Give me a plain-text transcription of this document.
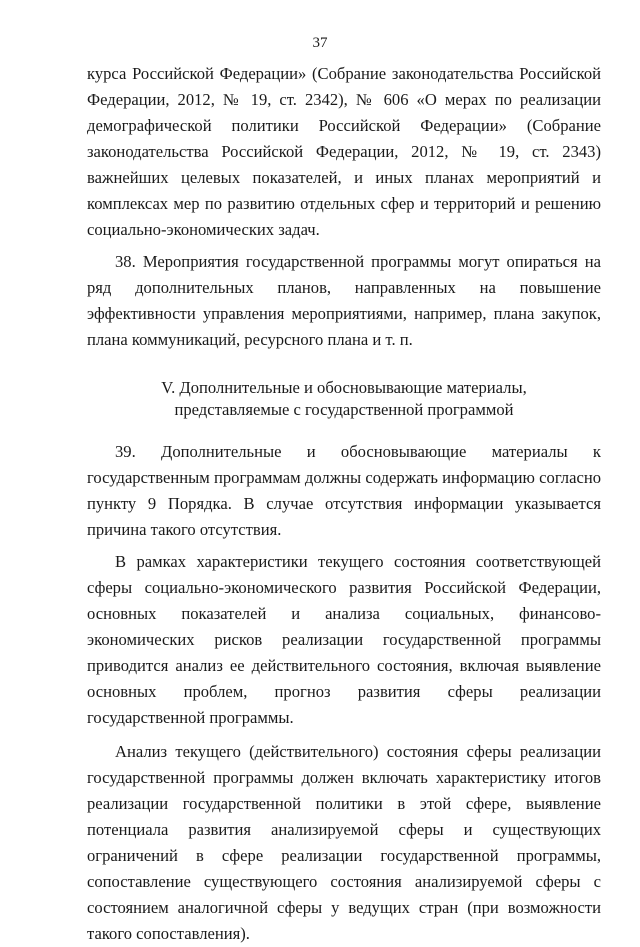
37

курса Российской Федерации» (Собрание законодательства Российской Федерации, 2012, № 19, ст. 2342), № 606 «О мерах по реализации демографической политики Российской Федерации» (Собрание законодательства Российской Федерации, 2012, № 19, ст. 2343) важнейших целевых показателей, и иных планах мероприятий и комплексах мер по развитию отдельных сфер и территорий и решению социально-экономических задач.

38. Мероприятия государственной программы могут опираться на ряд дополнительных планов, направленных на повышение эффективности управления мероприятиями, например, плана закупок, плана коммуникаций, ресурсного плана и т. п.

V. Дополнительные и обосновывающие материалы,
представляемые с государственной программой

39. Дополнительные и обосновывающие материалы к государственным программам должны содержать информацию согласно пункту 9 Порядка. В случае отсутствия информации указывается причина такого отсутствия.

В рамках характеристики текущего состояния соответствующей сферы социально-экономического развития Российской Федерации, основных показателей и анализа социальных, финансово-экономических рисков реализации государственной программы приводится анализ ее действительного состояния, включая выявление основных проблем, прогноз развития сферы реализации государственной программы.

Анализ текущего (действительного) состояния сферы реализации государственной программы должен включать характеристику итогов реализации государственной политики в этой сфере, выявление потенциала развития анализируемой сферы и существующих ограничений в сфере реализации государственной программы, сопоставление существующего состояния анализируемой сферы с состоянием аналогичной сферы у ведущих стран (при возможности такого сопоставления).
